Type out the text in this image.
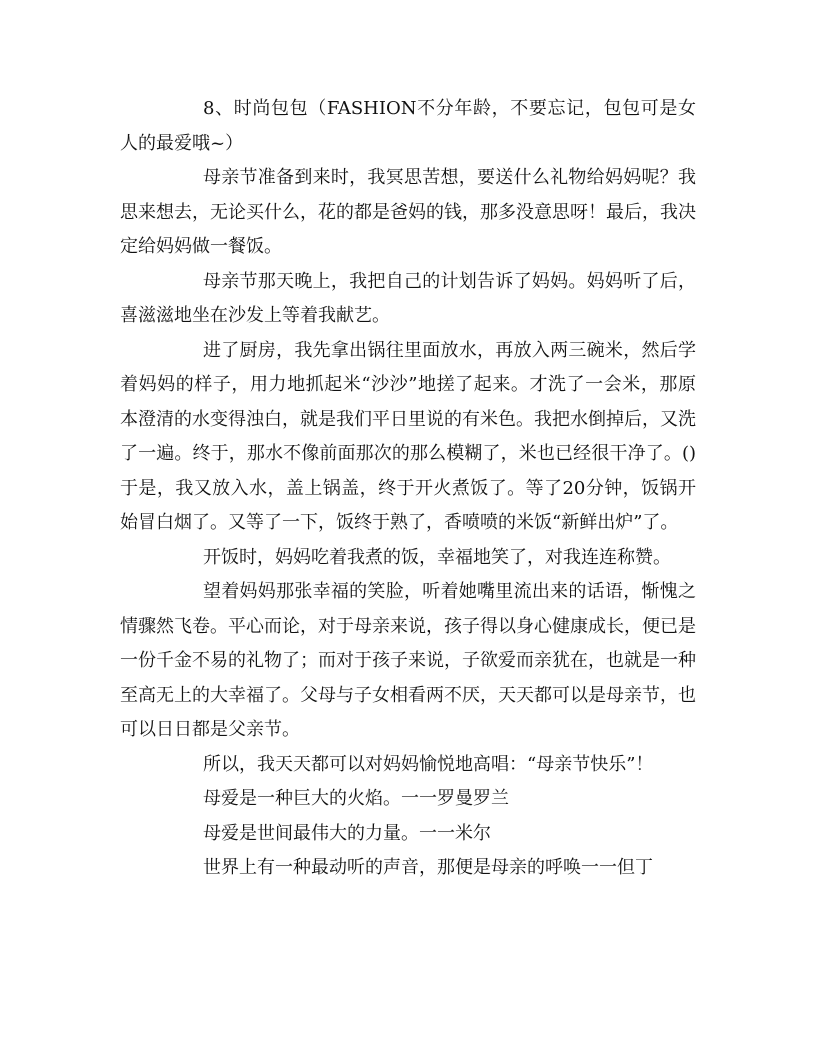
8、时尚包包（FASHION不分年龄，不要忘记，包包可是女人的最爱哦~）

母亲节准备到来时，我冥思苦想，要送什么礼物给妈妈呢？我思来想去，无论买什么，花的都是爸妈的钱，那多没意思呀！最后，我决定给妈妈做一餐饭。

母亲节那天晚上，我把自己的计划告诉了妈妈。妈妈听了后，喜滋滋地坐在沙发上等着我献艺。

进了厨房，我先拿出锅往里面放水，再放入两三碗米，然后学着妈妈的样子，用力地抓起米“沙沙”地搓了起来。才洗了一会米，那原本澄清的水变得浊白，就是我们平日里说的有米色。我把水倒掉后，又洗了一遍。终于，那水不像前面那次的那么模糊了，米也已经很干净了。()于是，我又放入水，盖上锅盖，终于开火煮饭了。等了20分钟，饭锅开始冒白烟了。又等了一下，饭终于熟了，香喷喷的米饭“新鲜出炉”了。

开饭时，妈妈吃着我煮的饭，幸福地笑了，对我连连称赞。

望着妈妈那张幸福的笑脸，听着她嘴里流出来的话语，惭愧之情骤然飞卷。平心而论，对于母亲来说，孩子得以身心健康成长，便已是一份千金不易的礼物了；而对于孩子来说，子欲爱而亲犹在，也就是一种至高无上的大幸福了。父母与子女相看两不厌，天天都可以是母亲节，也可以日日都是父亲节。

所以，我天天都可以对妈妈愉悦地高唱：“母亲节快乐”！

母爱是一种巨大的火焰。一一罗曼罗兰

母爱是世间最伟大的力量。一一米尔

世界上有一种最动听的声音，那便是母亲的呼唤一一但丁
